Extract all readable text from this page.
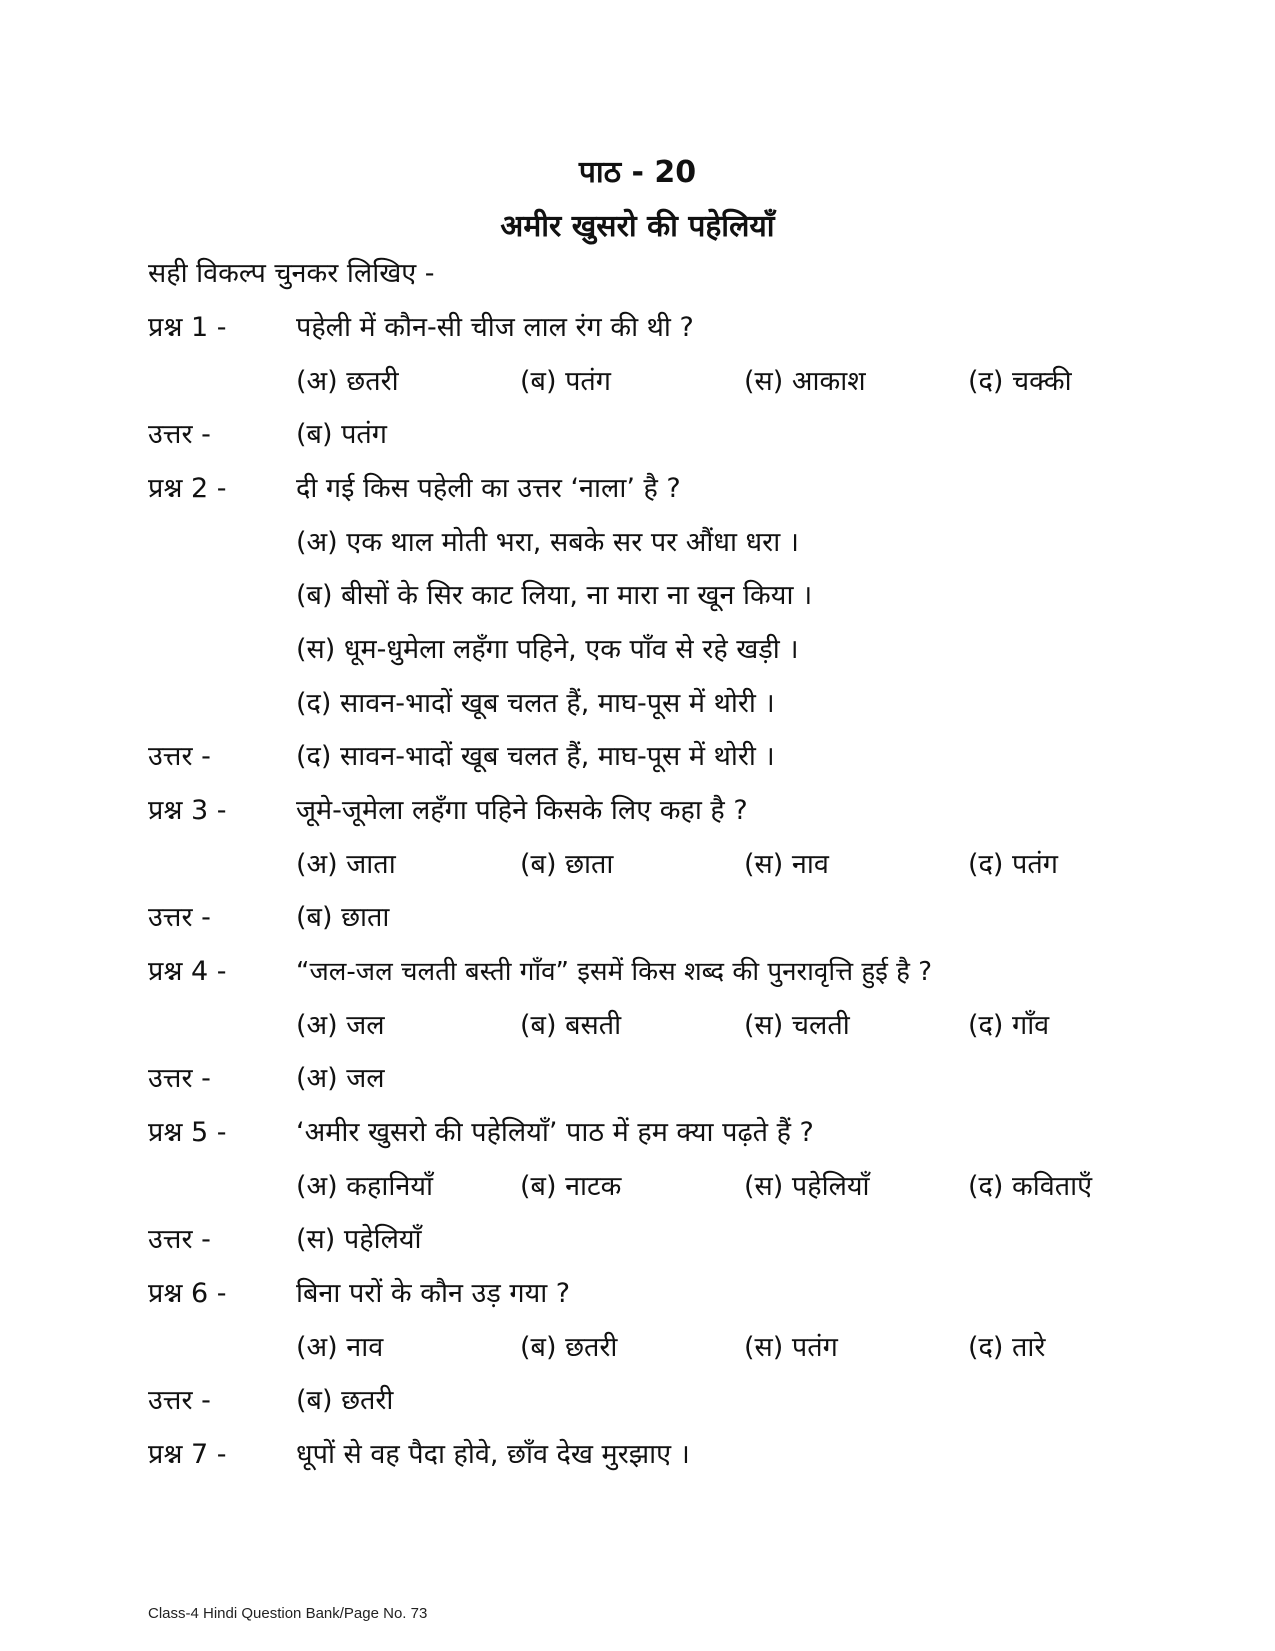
पाठ - 20
अमीर खुसरो की पहेलियाँ
सही विकल्प चुनकर लिखिए -
प्रश्न 1 -	पहेली में कौन-सी चीज लाल रंग की थी ?
(अ) छतरी	(ब) पतंग	(स) आकाश	(द) चक्की
उत्तर -	(ब) पतंग
प्रश्न 2 -	दी गई किस पहेली का उत्तर ‘नाला’ है ?
(अ) एक थाल मोती भरा, सबके सर पर औंधा धरा ।
(ब) बीसों के सिर काट लिया, ना मारा ना खून किया ।
(स) धूम-धुमेला लहँगा पहिने, एक पाँव से रहे खड़ी ।
(द) सावन-भादों खूब चलत हैं, माघ-पूस में थोरी ।
उत्तर -	(द) सावन-भादों खूब चलत हैं, माघ-पूस में थोरी ।
प्रश्न 3 -	जूमे-जूमेला लहँगा पहिने किसके लिए कहा है ?
(अ) जाता	(ब) छाता	(स) नाव	(द) पतंग
उत्तर -	(ब) छाता
प्रश्न 4 -	“जल-जल चलती बस्ती गाँव” इसमें किस शब्द की पुनरावृत्ति हुई है ?
(अ) जल	(ब) बसती	(स) चलती	(द) गाँव
उत्तर -	(अ) जल
प्रश्न 5 -	‘अमीर खुसरो की पहेलियाँ’ पाठ में हम क्या पढ़ते हैं ?
(अ) कहानियाँ	(ब) नाटक	(स) पहेलियाँ	(द) कविताएँ
उत्तर -	(स) पहेलियाँ
प्रश्न 6 -	बिना परों के कौन उड़ गया ?
(अ) नाव	(ब) छतरी	(स) पतंग	(द) तारे
उत्तर -	(ब) छतरी
प्रश्न 7 -	धूपों से वह पैदा होवे, छाँव देख मुरझाए ।
Class-4 Hindi Question Bank/Page No. 73
